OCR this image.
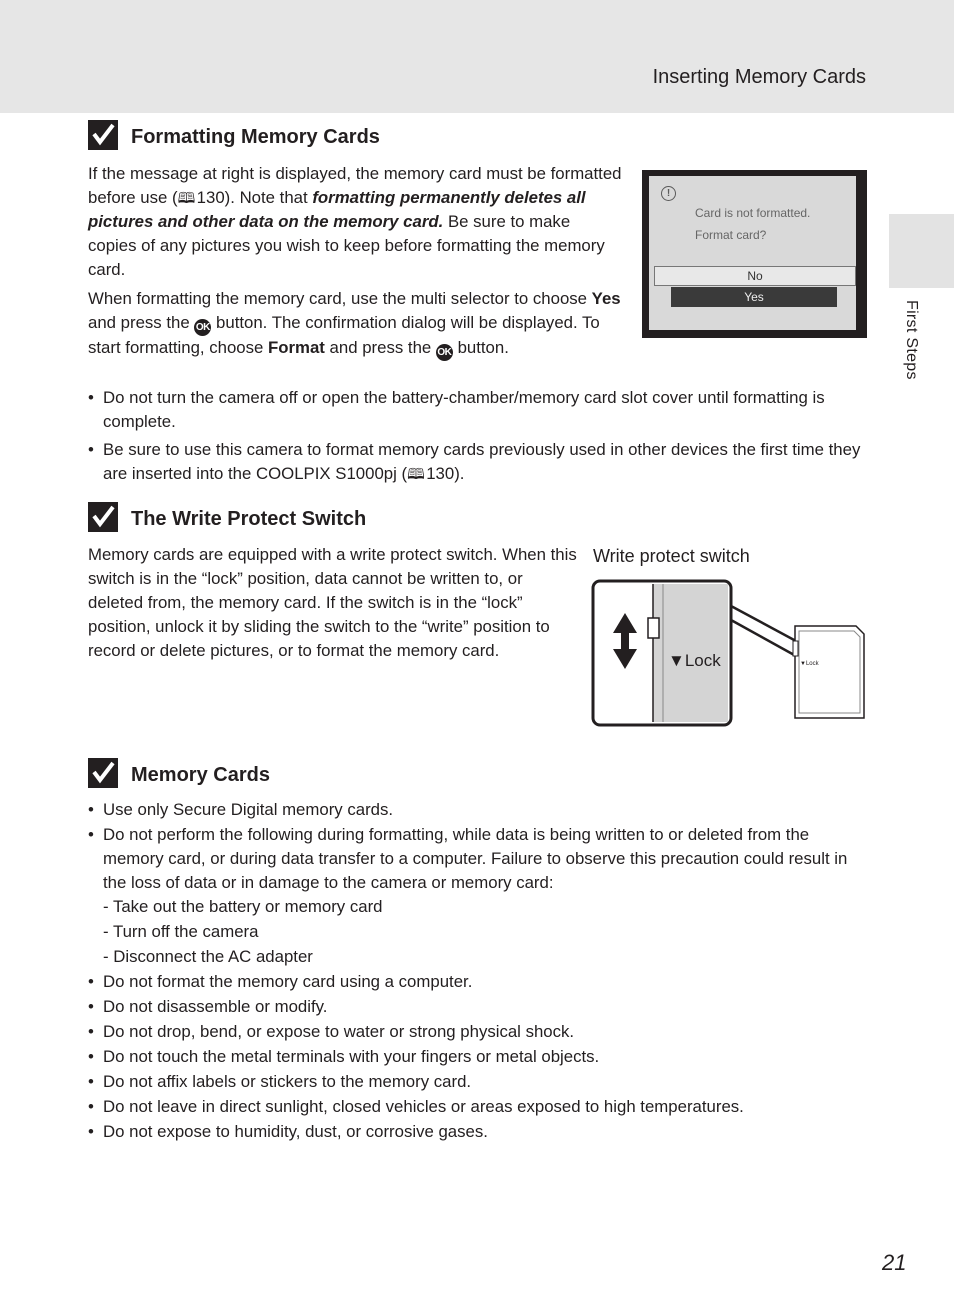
Inserting Memory Cards
First Steps
Formatting Memory Cards

If the message at right is displayed, the memory card must be formatted before use (🕮 130). Note that formatting permanently deletes all pictures and other data on the memory card. Be sure to make copies of any pictures you wish to keep before formatting the memory card.

When formatting the memory card, use the multi selector to choose Yes and press the OK button. The confirmation dialog will be displayed. To start formatting, choose Format and press the OK button.

!
Card is not formatted.
Format card?
No
Yes
• Do not turn the camera off or open the battery-chamber/memory card slot cover until formatting is complete.
• Be sure to use this camera to format memory cards previously used in other devices the first time they are inserted into the COOLPIX S1000pj (🕮 130).
The Write Protect Switch

Memory cards are equipped with a write protect switch. When this switch is in the “lock” position, data cannot be written to, or deleted from, the memory card. If the switch is in the “lock” position, unlock it by sliding the switch to the “write” position to record or delete pictures, or to format the memory card.

Write protect switch
▼Lock	▼Lock
Memory Cards
• Use only Secure Digital memory cards.
• Do not perform the following during formatting, while data is being written to or deleted from the memory card, or during data transfer to a computer. Failure to observe this precaution could result in the loss of data or in damage to the camera or memory card:
- Take out the battery or memory card
- Turn off the camera
- Disconnect the AC adapter
• Do not format the memory card using a computer.
• Do not disassemble or modify.
• Do not drop, bend, or expose to water or strong physical shock.
• Do not touch the metal terminals with your fingers or metal objects.
• Do not affix labels or stickers to the memory card.
• Do not leave in direct sunlight, closed vehicles or areas exposed to high temperatures.
• Do not expose to humidity, dust, or corrosive gases.
21
